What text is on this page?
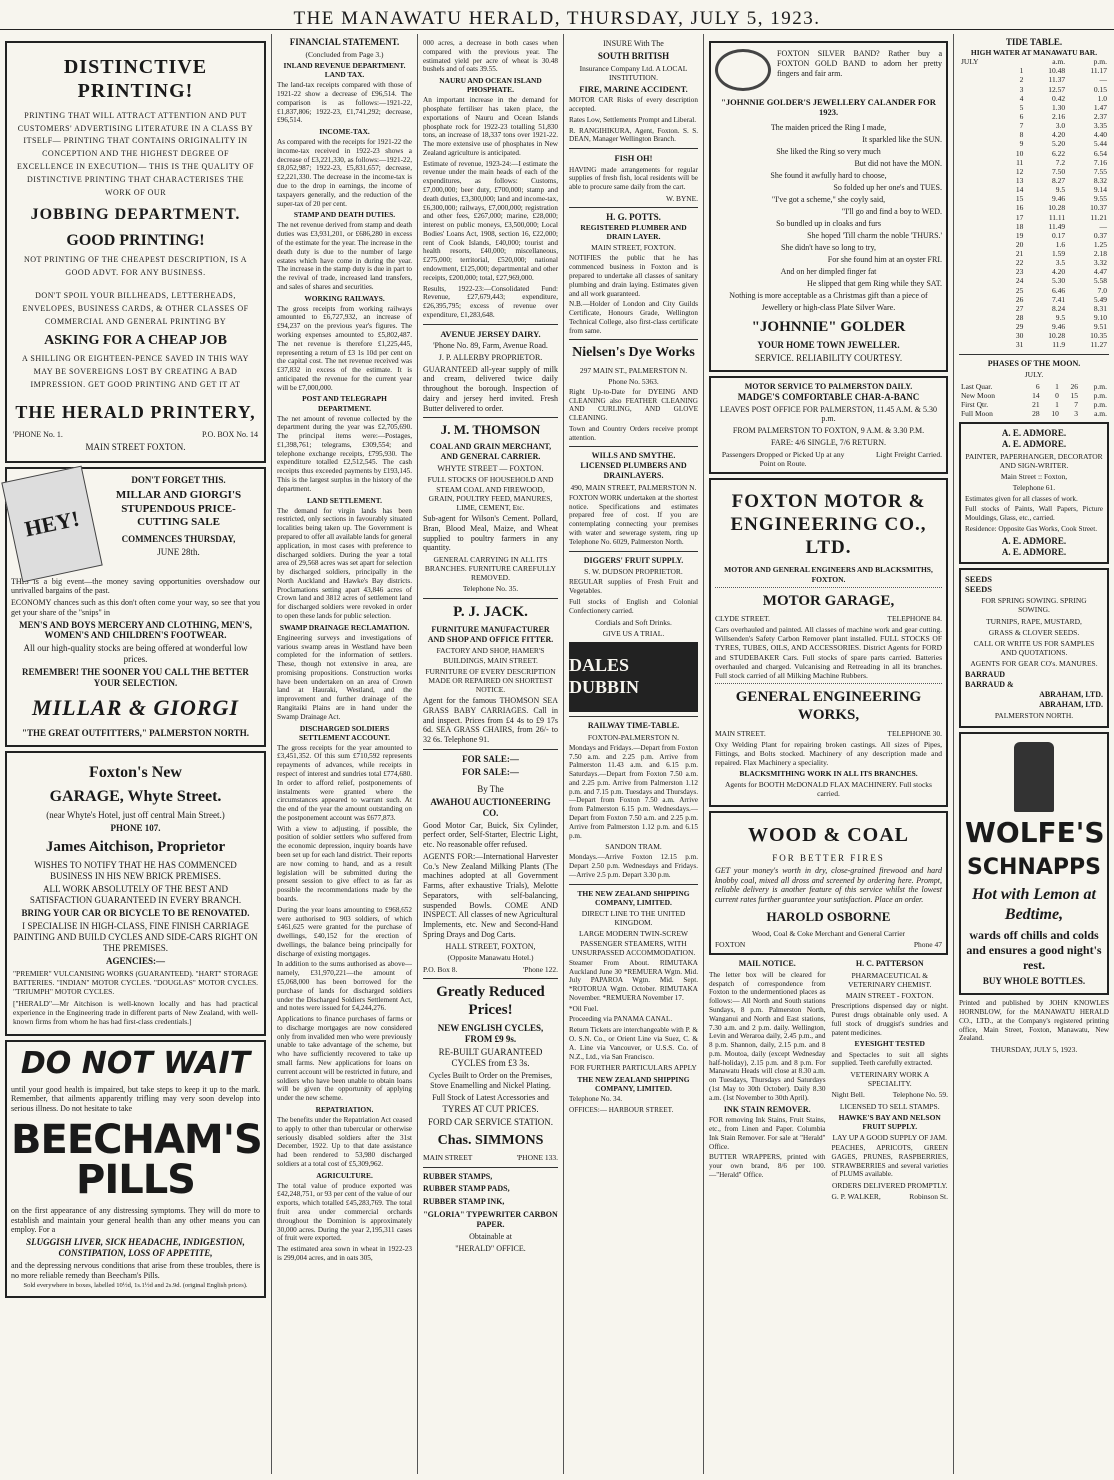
THE MANAWATU HERALD, THURSDAY, JULY 5, 1923.
DISTINCTIVE PRINTING!
PRINTING THAT WILL ATTRACT ATTENTION AND PUT CUSTOMERS' ADVERTISING LITERATURE IN A CLASS BY ITSELF— PRINTING THAT CONTAINS ORIGINALITY IN CONCEPTION AND THE HIGHEST DEGREE OF EXCELLENCE IN EXECUTION— THIS IS THE QUALITY OF DISTINCTIVE PRINTING THAT CHARACTERISES THE WORK OF OUR
JOBBING DEPARTMENT.
GOOD PRINTING!
NOT PRINTING OF THE CHEAPEST DESCRIPTION, IS A GOOD ADVT. FOR ANY BUSINESS.
DON'T SPOIL YOUR BILLHEADS, LETTERHEADS, ENVELOPES, BUSINESS CARDS, & OTHER CLASSES OF COMMERCIAL AND GENERAL PRINTING BY
ASKING FOR A CHEAP JOB
A SHILLING OR EIGHTEEN-PENCE SAVED IN THIS WAY MAY BE SOVEREIGNS LOST BY CREATING A BAD IMPRESSION. GET GOOD PRINTING AND GET IT AT
THE HERALD PRINTERY,
'PHONE No. 1.	P.O. BOX No. 14
MAIN STREET FOXTON.
HEY!
DON'T FORGET THIS.
MILLAR AND GIORGI'S STUPENDOUS PRICE-CUTTING SALE
COMMENCES THURSDAY,
JUNE 28th.
THIS is a big event—the money saving opportunities overshadow our unrivalled bargains of the past.
ECONOMY chances such as this don't often come your way, so see that you get your share of the "snips" in
MEN'S AND BOYS MERCERY AND CLOTHING, MEN'S, WOMEN'S AND CHILDREN'S FOOTWEAR.
All our high-quality stocks are being offered at wonderful low prices.
REMEMBER! THE SOONER YOU CALL THE BETTER YOUR SELECTION.
MILLAR & GIORGI
"THE GREAT OUTFITTERS," PALMERSTON NORTH.
Foxton's New
GARAGE, Whyte Street.
(near Whyte's Hotel, just off central Main Street.)
PHONE 107.
James Aitchison, Proprietor
WISHES TO NOTIFY THAT HE HAS COMMENCED BUSINESS IN HIS NEW BRICK PREMISES.
ALL WORK ABSOLUTELY OF THE BEST AND SATISFACTION GUARANTEED IN EVERY BRANCH.
BRING YOUR CAR OR BICYCLE TO BE RENOVATED.
I SPECIALISE IN HIGH-CLASS, FINE FINISH CARRIAGE PAINTING AND BUILD CYCLES AND SIDE-CARS RIGHT ON THE PREMISES.
AGENCIES:—
"PREMIER" VULCANISING WORKS (GUARANTEED). "HART" STORAGE BATTERIES. "INDIAN" MOTOR CYCLES. "DOUGLAS" MOTOR CYCLES. "TRIUMPH" MOTOR CYCLES.
["HERALD"—Mr Aitchison is well-known locally and has had practical experience in the Engineering trade in different parts of New Zealand, with well-known firms from whom he has had first-class credentials.]
DO NOT WAIT
until your good health is impaired, but take steps to keep it up to the mark. Remember, that ailments apparently trifling may very soon develop into serious illness. Do not hesitate to take
BEECHAM'S PILLS
on the first appearance of any distressing symptoms. They will do more to establish and maintain your general health than any other means you can employ. For a
SLUGGISH LIVER, SICK HEADACHE, INDIGESTION, CONSTIPATION, LOSS OF APPETITE,
and the depressing nervous conditions that arise from these troubles, there is no more reliable remedy than Beecham's Pills.
Sold everywhere in boxes, labelled 10½d, 1s.1½d and 2s.9d. (original English prices).
FINANCIAL STATEMENT.
(Concluded from Page 3.)
INLAND REVENUE DEPARTMENT.
LAND TAX.
The land-tax receipts compared with those of 1921-22 show a decrease of £96,514. The comparison is as follows:—1921-22, £1,837,806; 1922-23, £1,741,292; decrease, £96,514.
INCOME-TAX.
As compared with the receipts for 1921-22 the income-tax received in 1922-23 shows a decrease of £3,221,330, as follows:—1921-22, £8,052,987; 1922-23, £5,831,657; decrease, £2,221,330. The decrease in the income-tax is due to the drop in earnings, the income of taxpayers generally, and the reduction of the super-tax of 20 per cent.
STAMP AND DEATH DUTIES.
The net revenue derived from stamp and death duties was £3,931,201, or £686,280 in excess of the estimate for the year. The increase in the death duty is due to the number of large estates which have come in during the year. The increase in the stamp duty is due in part to the revival of trade, increased land transfers, and sales of shares and securities.
WORKING RAILWAYS.
The gross receipts from working railways amounted to £6,727,932, an increase of £94,237 on the previous year's figures. The working expenses amounted to £5,802,487. The net revenue is therefore £1,225,445, representing a return of £3 1s 10d per cent on the capital cost. The net revenue received was £37,832 in excess of the estimate. It is anticipated the revenue for the current year will be £7,000,000.
POST AND TELEGRAPH DEPARTMENT.
The net amount of revenue collected by the department during the year was £2,705,690. The principal items were:—Postages, £1,398,761; telegrams, £309,554; and telephone exchange receipts, £795,930. The expenditure totalled £2,512,545. The cash receipts thus exceeded payments by £193,145. This is the largest surplus in the history of the department.
LAND SETTLEMENT.
The demand for virgin lands has been restricted, only sections in favourably situated localities being taken up. The Government is prepared to offer all available lands for general application, in most cases with preference to discharged soldiers. During the year a total area of 29,568 acres was set apart for selection by discharged soldiers, principally in the North Auckland and Hawke's Bay districts. Proclamations setting apart 43,846 acres of Crown land and 3812 acres of settlement land for discharged soldiers were revoked in order to open these lands for public selection.
SWAMP DRAINAGE RECLAMATION.
Engineering surveys and investigations of various swamp areas in Westland have been completed for the information of settlers. These, though not extensive in area, are promising propositions. Construction works have been undertaken on an area of Crown land at Hauraki, Westland, and the improvement and further drainage of the Rangitaiki Plains are in hand under the Swamp Drainage Act.
DISCHARGED SOLDIERS SETTLEMENT ACCOUNT.
The gross receipts for the year amounted to £3,451,352. Of this sum £710,592 represents repayments of advances, while receipts in respect of interest and sundries total £774,680. In order to afford relief, postponements of instalments were granted where the circumstances appeared to warrant such. At the end of the year the amount outstanding on the postponement account was £677,873.
With a view to adjusting, if possible, the position of soldier settlers who suffered from the economic depression, inquiry boards have been set up for each land district. Their reports are now coming to hand, and as a result legislation will be submitted during the present session to give effect to as far as possible the recommendations made by the boards.
During the year loans amounting to £968,652 were authorised to 903 soldiers, of which £461,625 were granted for the purchase of dwellings, £40,152 for the erection of dwellings, the balance being principally for discharge of existing mortgages.
In addition to the sums authorised as above—namely, £31,970,221—the amount of £5,068,000 has been borrowed for the purchase of lands for discharged soldiers under the Discharged Soldiers Settlement Act, and notes were issued for £4,244,276.
Applications to finance purchases of farms or to discharge mortgages are now considered only from invalided men who were previously unable to take advantage of the scheme, but who have sufficiently recovered to take up small farms. New applications for loans on current account will be restricted in future, and soldiers who have been unable to obtain loans will be given the opportunity of applying under the new scheme.
REPATRIATION.
The benefits under the Repatriation Act ceased to apply to other than tubercular or otherwise seriously disabled soldiers after the 31st December, 1922. Up to that date assistance had been rendered to 53,980 discharged soldiers at a total cost of £5,309,962.
AGRICULTURE.
The total value of produce exported was £42,248,751, or 93 per cent of the value of our exports, which totalled £45,283,769. The total fruit area under commercial orchards throughout the Dominion is approximately 30,000 acres. During the year 2,195,311 cases of fruit were exported.
The estimated area sown in wheat in 1922-23 is 299,004 acres, and in oats 305,
000 acres, a decrease in both cases when compared with the previous year. The estimated yield per acre of wheat is 30.48 bushels and of oats 39.55.
NAURU AND OCEAN ISLAND PHOSPHATE.
An important increase in the demand for phosphate fertiliser has taken place, the exportations of Nauru and Ocean Islands phosphate rock for 1922-23 totalling 51,830 tons, an increase of 18,337 tons over 1921-22. The more extensive use of phosphates in New Zealand agriculture is anticipated.
Estimate of revenue, 1923-24:—I estimate the revenue under the main heads of each of the expenditures, as follows: Customs, £7,000,000; beer duty, £700,000; stamp and death duties, £3,300,000; land and income-tax, £6,300,000; railways, £7,000,000; registration and other fees, £267,000; marine, £28,000; interest on public moneys, £3,500,000; Local Bodies' Loans Act, 1908, section 16, £22,000; rent of Cook Islands, £40,000; tourist and health resorts, £40,000; miscellaneous, £275,000; territorial, £520,000; national endowment, £125,000; departmental and other receipts, £200,000; total, £27,969,000.
Results, 1922-23:—Consolidated Fund: Revenue, £27,679,443; expenditure, £26,395,795; excess of revenue over expenditure, £1,283,648.
AVENUE JERSEY DAIRY.
'Phone No. 89, Farm, Avenue Road.
J. P. ALLERBY PROPRIETOR.
GUARANTEED all-year supply of milk and cream, delivered twice daily throughout the borough. Inspection of dairy and jersey herd invited. Fresh Butter delivered to order.
J. M. THOMSON
COAL AND GRAIN MERCHANT, AND GENERAL CARRIER.
WHYTE STREET — FOXTON.
FULL STOCKS OF HOUSEHOLD AND STEAM COAL AND FIREWOOD, GRAIN, POULTRY FEED, MANURES, LIME, CEMENT, Etc.
Sub-agent for Wilson's Cement. Pollard, Bran, Blood Meal, Maize, and Wheat supplied to poultry farmers in any quantity.
GENERAL CARRYING IN ALL ITS BRANCHES. FURNITURE CAREFULLY REMOVED.
Telephone No. 35.
P. J. JACK.
FURNITURE MANUFACTURER AND SHOP AND OFFICE FITTER.
FACTORY AND SHOP, HAMER'S BUILDINGS, MAIN STREET.
FURNITURE OF EVERY DESCRIPTION MADE OR REPAIRED ON SHORTEST NOTICE.
Agent for the famous THOMSON SEA GRASS BABY CARRIAGES. Call in and inspect. Prices from £4 4s to £9 17s 6d. SEA GRASS CHAIRS, from 26/- to 32 6s. Telephone 91.
FOR SALE:—
FOR SALE:—
By The
AWAHOU AUCTIONEERING CO.
Good Motor Car, Buick, Six Cylinder, perfect order, Self-Starter, Electric Light, etc. No reasonable offer refused.
AGENTS FOR:—International Harvester Co.'s New Zealand Milking Plants (The machines adopted at all Government Farms, after exhaustive Trials), Melotte Separators, with self-balancing, suspended Bowls. COME AND INSPECT. All classes of new Agricultural Implements, etc. New and Second-Hand Spring Drays and Dog Carts.
HALL STREET, FOXTON,
(Opposite Manawatu Hotel.)
P.O. Box 8.	'Phone 122.
Greatly Reduced Prices!
NEW ENGLISH CYCLES, FROM £9 9s.
RE-BUILT GUARANTEED CYCLES from £3 3s.
Cycles Built to Order on the Premises, Stove Enamelling and Nickel Plating.
Full Stock of Latest Accessories and
TYRES AT CUT PRICES.
FORD CAR SERVICE STATION.
Chas. SIMMONS
MAIN STREET	'PHONE 133.
RUBBER STAMPS,
RUBBER STAMP PADS,
RUBBER STAMP INK,
"GLORIA" TYPEWRITER CARBON PAPER.
Obtainable at
"HERALD" OFFICE.
INSURE With The
SOUTH BRITISH
Insurance Company Ltd. A LOCAL INSTITUTION.
FIRE, MARINE ACCIDENT.
MOTOR CAR Risks of every description accepted.
Rates Low, Settlements Prompt and Liberal.
R. RANGIHIKURA, Agent, Foxton. S. S. DEAN, Manager Wellington Branch.
FISH OH!
HAVING made arrangements for regular supplies of fresh fish, local residents will be able to procure same daily from the cart.
W. BYNE.
H. G. POTTS.
REGISTERED PLUMBER AND DRAIN LAYER.
MAIN STREET, FOXTON.
NOTIFIES the public that he has commenced business in Foxton and is prepared to undertake all classes of sanitary plumbing and drain laying. Estimates given and all work guaranteed.
N.B.—Holder of London and City Guilds Certificate, Honours Grade, Wellington Technical College, also first-class certificate from same.
Nielsen's Dye Works
297 MAIN ST., PALMERSTON N.
Phone No. 5363.
Right Up-to-Date for DYEING AND CLEANING also FEATHER CLEANING AND CURLING, AND GLOVE CLEANING.
Town and Country Orders receive prompt attention.
WILLS AND SMYTHE.
LICENSED PLUMBERS AND DRAINLAYERS.
490, MAIN STREET, PALMERSTON N.
FOXTON WORK undertaken at the shortest notice. Specifications and estimates prepared free of cost. If you are contemplating connecting your premises with water and sewerage system, ring up Telephone No. 6029, Palmerston North.
DIGGERS' FRUIT SUPPLY.
S. W. DUDSON PROPRIETOR.
REGULAR supplies of Fresh Fruit and Vegetables.
Full stocks of English and Colonial Confectionery carried.
Cordials and Soft Drinks.
GIVE US A TRIAL.
DALES DUBBIN
RAILWAY TIME-TABLE.
FOXTON-PALMERSTON N.
Mondays and Fridays.—Depart from Foxton 7.50 a.m. and 2.25 p.m. Arrive from Palmerston 11.43 a.m. and 6.15 p.m. Saturdays.—Depart from Foxton 7.50 a.m. and 2.25 p.m. Arrive from Palmerston 1.12 p.m. and 7.15 p.m. Tuesdays and Thursdays.—Depart from Foxton 7.50 a.m. Arrive from Palmerston 6.15 p.m. Wednesdays.—Depart from Foxton 7.50 a.m. and 2.25 p.m. Arrive from Palmerston 1.12 p.m. and 6.15 p.m.
SANDON TRAM.
Mondays.—Arrive Foxton 12.15 p.m. Depart 2.50 p.m. Wednesdays and Fridays.—Arrive 2.5 p.m. Depart 3.30 p.m.
THE NEW ZEALAND SHIPPING COMPANY, LIMITED.
DIRECT LINE TO THE UNITED KINGDOM.
LARGE MODERN TWIN-SCREW PASSENGER STEAMERS, WITH UNSURPASSED ACCOMMODATION.
Steamer From About. RIMUTAKA Auckland June 30 *REMUERA Wgtn. Mid. July PAPAROA Wgtn. Mid. Sept. *ROTORUA Wgtn. October. RIMUTAKA November. *REMUERA November 17.
*Oil Fuel.
Proceeding via PANAMA CANAL.
Return Tickets are interchangeable with P. & O. S.N. Co., or Orient Line via Suez, C. & A. Line via Vancouver, or U.S.S. Co. of N.Z., Ltd., via San Francisco.
FOR FURTHER PARTICULARS APPLY
THE NEW ZEALAND SHIPPING COMPANY, LIMITED.
Telephone No. 34.
OFFICES:— HARBOUR STREET.
FOXTON SILVER BAND? Rather buy a FOXTON GOLD BAND to adorn her pretty fingers and fair arm.
"JOHNNIE GOLDER'S JEWELLERY CALANDER FOR 1923.
The maiden priced the Ring I made,
It sparkled like the SUN.
She liked the Ring so very much
But did not have the MON.
She found it awfully hard to choose,
So folded up her one's and TUES.
"I've got a scheme," she coyly said,
"I'll go and find a boy to WED.
So bundled up in cloaks and furs
She hoped 'Till charm the noble 'THURS.'
She didn't have so long to try,
For she found him at an oyster FRI.
And on her dimpled finger fat
He slipped that gem Ring while they SAT.
Nothing is more acceptable as a Christmas gift than a piece of Jewellery or high-class Plate Silver Ware.
"JOHNNIE" GOLDER
YOUR HOME TOWN JEWELLER.
SERVICE. RELIABILITY COURTESY.
MOTOR SERVICE TO PALMERSTON DAILY.
MADGE'S COMFORTABLE CHAR-A-BANC
LEAVES POST OFFICE FOR PALMERSTON, 11.45 A.M. & 5.30 p.m.
FROM PALMERSTON TO FOXTON, 9 A.M. & 3.30 P.M.
FARE: 4/6 SINGLE, 7/6 RETURN.
Passengers Dropped or Picked Up at any Point on Route.
Light Freight Carried.
FOXTON MOTOR & ENGINEERING CO., LTD.
MOTOR AND GENERAL ENGINEERS AND BLACKSMITHS, FOXTON.
MOTOR GARAGE,
CLYDE STREET.	TELEPHONE 84.
Cars overhauled and painted. All classes of machine work and gear cutting. Willsenden's Safety Carbon Remover plant installed. FULL STOCKS OF TYRES, TUBES, OILS, AND ACCESSORIES. District Agents for FORD and STUDEBAKER Cars. Full stocks of spare parts carried. Batteries overhauled and charged. Vulcanising and Retreading in all its branches. Full stock carried of all Milking Machine Rubbers.
GENERAL ENGINEERING WORKS,
MAIN STREET.	TELEPHONE 30.
Oxy Welding Plant for repairing broken castings. All sizes of Pipes, Fittings, and Bolts stocked. Machinery of any description made and repaired. Flax Machinery a speciality.
BLACKSMITHING WORK IN ALL ITS BRANCHES.
Agents for BOOTH McDONALD FLAX MACHINERY. Full stocks carried.
WOOD & COAL
FOR BETTER FIRES
GET your money's worth in dry, close-grained firewood and hard knobby coal, mixed all dross and screened by ordering here. Prompt, reliable delivery is another feature of this service whilst the lowest current rates further guarantee your satisfaction. Place an order.
HAROLD OSBORNE
Wood, Coal & Coke Merchant and General Carrier
FOXTON	Phone 47
MAIL NOTICE.
The letter box will be cleared for despatch of correspondence from Foxton to the undermentioned places as follows:— All North and South stations Sundays, 8 p.m. Palmerston North, Wanganui and North and East stations, 7.30 a.m. and 2 p.m. daily. Wellington, Levin and Weraroa daily, 2.45 p.m., and 8 p.m. Shannon, daily, 2.15 p.m. and 8 p.m. Moutoa, daily (except Wednesday half-holiday), 2.15 p.m. and 8 p.m. For Manawatu Heads will close at 8.30 a.m. on Tuesdays, Thursdays and Saturdays (1st May to 30th October). Daily 8.30 a.m. (1st November to 30th April).
INK STAIN REMOVER.
FOR removing Ink Stains, Fruit Stains, etc., from Linen and Paper. Columbia Ink Stain Remover. For sale at "Herald" Office.
BUTTER WRAPPERS, printed with your own brand, 8/6 per 100. —"Herald" Office.
H. C. PATTERSON
PHARMACEUTICAL & VETERINARY CHEMIST.
MAIN STREET - FOXTON.
Prescriptions dispensed day or night. Purest drugs obtainable only used. A full stock of druggist's sundries and patent medicines.
EYESIGHT TESTED
and Spectacles to suit all sights supplied. Teeth carefully extracted.
VETERINARY WORK A SPECIALITY.
Night Bell.	Telephone No. 59.
LICENSED TO SELL STAMPS.
HAWKE'S BAY AND NELSON FRUIT SUPPLY.
LAY UP A GOOD SUPPLY OF JAM.
PEACHES, APRICOTS, GREEN GAGES, PRUNES, RASPBERRIES, STRAWBERRIES and several varieties of PLUMS available.
ORDERS DELIVERED PROMPTLY.
G. P. WALKER,	Robinson St.
TIDE TABLE.
HIGH WATER AT MANAWATU BAR.
JULY		a.m.	p.m.
	1	10.48	11.17
	2	11.37	—
	3	12.57	0.15
	4	0.42	1.0
	5	1.30	1.47
	6	2.16	2.37
	7	3.0	3.35
	8	4.20	4.40
	9	5.20	5.44
	10	6.22	6.54
	11	7.2	7.16
	12	7.50	7.55
	13	8.27	8.32
	14	9.5	9.14
	15	9.46	9.55
	16	10.28	10.37
	17	11.11	11.21
	18	11.49	—
	19	0.17	0.37
	20	1.6	1.25
	21	1.59	2.18
	22	3.5	3.32
	23	4.20	4.47
	24	5.30	5.58
	25	6.46	7.0
	26	7.41	5.49
	27	8.24	8.31
	28	9.5	9.10
	29	9.46	9.51
	30	10.28	10.35
	31	11.9	11.27
PHASES OF THE MOON.
JULY.
Last Quar.	6	1	26	p.m.
New Moon	14	0	15	p.m.
First Qtr.	21	1	7	p.m.
Full Moon	28	10	3	a.m.
A. E. ADMORE.
A. E. ADMORE.
PAINTER, PAPERHANGER, DECORATOR AND SIGN-WRITER.
Main Street :: Foxton,
Telephone 61.
Estimates given for all classes of work.
Full stocks of Paints, Wall Papers, Picture Mouldings, Glass, etc., carried.
Residence: Opposite Gas Works, Cook Street.
A. E. ADMORE.
A. E. ADMORE.
SEEDS
SEEDS
FOR SPRING SOWING. SPRING SOWING.
TURNIPS, RAPE, MUSTARD,
GRASS & CLOVER SEEDS.
CALL OR WRITE US FOR SAMPLES AND QUOTATIONS.
AGENTS FOR GEAR CO's. MANURES.
BARRAUD
BARRAUD &
ABRAHAM, LTD.
ABRAHAM, LTD.
PALMERSTON NORTH.
WOLFE'S
SCHNAPPS
Hot with Lemon at Bedtime,
wards off chills and colds and ensures a good night's rest.
BUY WHOLE BOTTLES.
Printed and published by JOHN KNOWLES HORNBLOW, for the MANAWATU HERALD CO., LTD., at the Company's registered printing office, Main Street, Foxton, Manawatu, New Zealand.
THURSDAY, JULY 5, 1923.
